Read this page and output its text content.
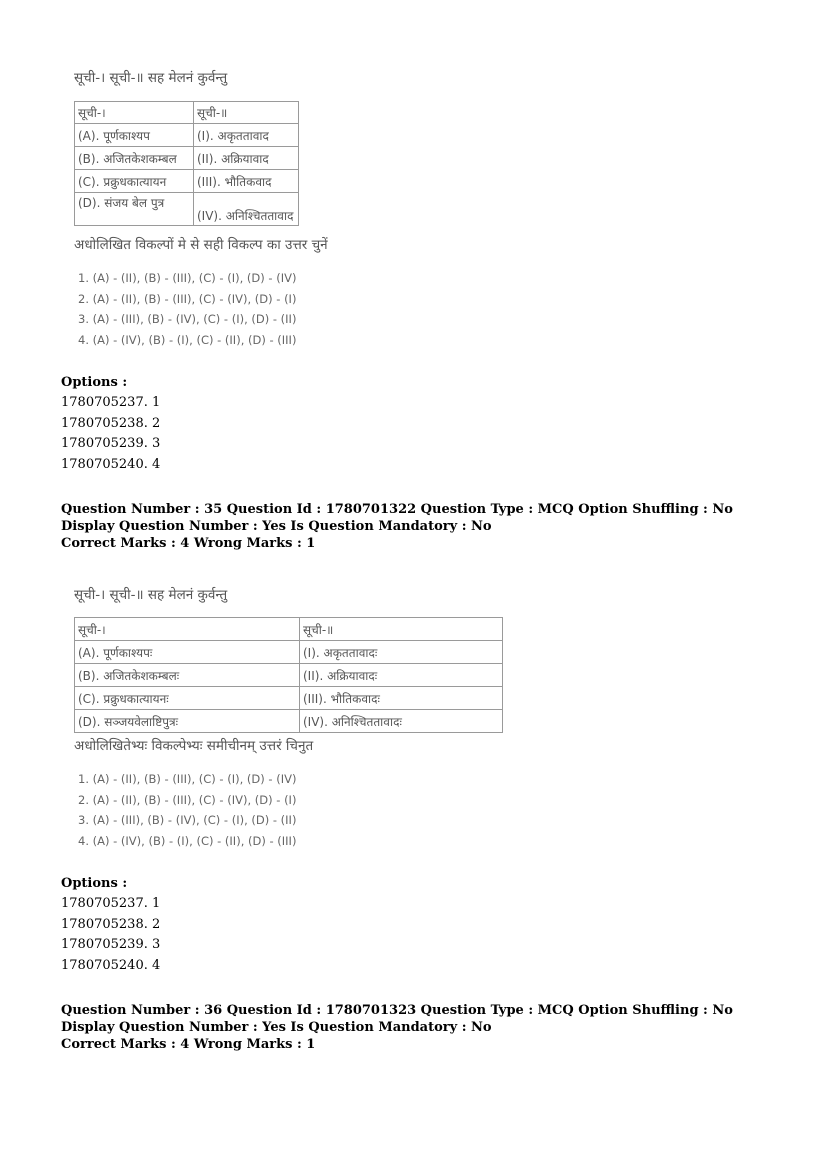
सूची-। सूची-॥ सह मेलनं कुर्वन्तु
सूची-।	सूची-॥
(A). पूर्णकाश्यप	(I). अकृततावाद
(B). अजितकेशकम्बल	(II). अक्रियावाद
(C). प्रक्रुधकात्यायन	(III). भौतिकवाद
(D). संजय बेल पुत्र	(IV). अनिश्चिततावाद
अधोलिखित विकल्पों मे से सही विकल्प का उत्तर चुनें
1. (A) - (II), (B) - (III), (C) - (I), (D) - (IV)
2. (A) - (II), (B) - (III), (C) - (IV), (D) - (I)
3. (A) - (III), (B) - (IV), (C) - (I), (D) - (II)
4. (A) - (IV), (B) - (I), (C) - (II), (D) - (III)
Options :
1780705237. 1
1780705238. 2
1780705239. 3
1780705240. 4
Question Number : 35 Question Id : 1780701322 Question Type : MCQ Option Shuffling : No Display Question Number : Yes Is Question Mandatory : No
Correct Marks : 4 Wrong Marks : 1
सूची-। सूची-॥ सह मेलनं कुर्वन्तु
सूची-।	सूची-॥
(A). पूर्णकाश्यपः	(I). अकृततावादः
(B). अजितकेशकम्बलः	(II). अक्रियावादः
(C). प्रक्रुधकात्यायनः	(III). भौतिकवादः
(D). सञ्जयवेलाष्टिपुत्रः	(IV). अनिश्चिततावादः
अधोलिखितेभ्यः विकल्पेभ्यः समीचीनम् उत्तरं चिनुत
1. (A) - (II), (B) - (III), (C) - (I), (D) - (IV)
2. (A) - (II), (B) - (III), (C) - (IV), (D) - (I)
3. (A) - (III), (B) - (IV), (C) - (I), (D) - (II)
4. (A) - (IV), (B) - (I), (C) - (II), (D) - (III)
Options :
1780705237. 1
1780705238. 2
1780705239. 3
1780705240. 4
Question Number : 36 Question Id : 1780701323 Question Type : MCQ Option Shuffling : No Display Question Number : Yes Is Question Mandatory : No
Correct Marks : 4 Wrong Marks : 1
